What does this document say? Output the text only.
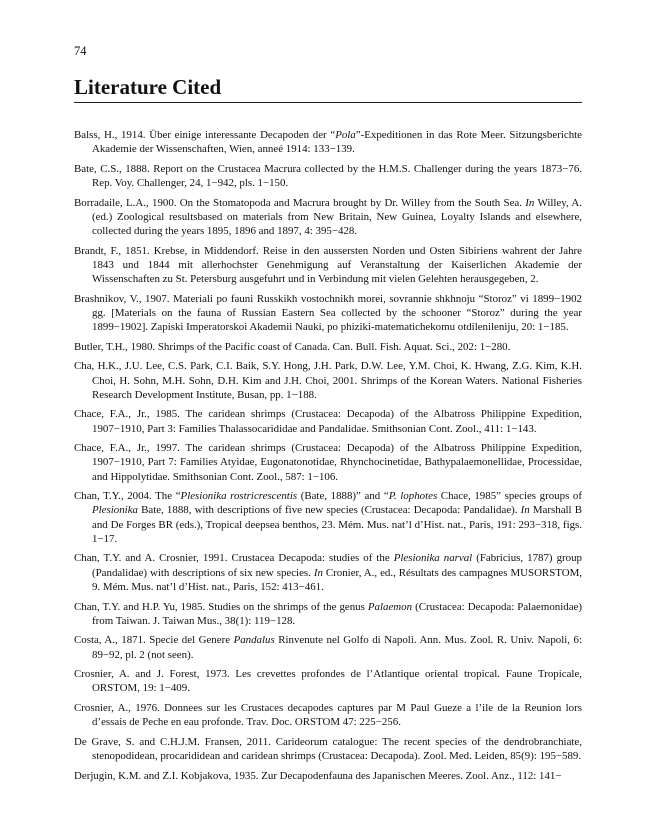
74
Literature Cited
Balss, H., 1914. Über einige interessante Decapoden der “Pola”-Expeditionen in das Rote Meer. Sitzungsberichte Akademie der Wissenschaften, Wien, anneé 1914: 133−139.
Bate, C.S., 1888. Report on the Crustacea Macrura collected by the H.M.S. Challenger during the years 1873−76. Rep. Voy. Challenger, 24, 1−942, pls. 1−150.
Borradaile, L.A., 1900. On the Stomatopoda and Macrura brought by Dr. Willey from the South Sea. In Willey, A. (ed.) Zoological resultsbased on materials from New Britain, New Guinea, Loyalty Islands and elsewhere, collected during the years 1895, 1896 and 1897, 4: 395−428.
Brandt, F., 1851. Krebse, in Middendorf. Reise in den aussersten Norden und Osten Sibiriens wahrent der Jahre 1843 und 1844 mit allerhochster Genehmigung auf Veranstaltung der Kaiserlichen Akademie der Wissenschaften zu St. Petersburg ausgefuhrt und in Verbindung mit vielen Gelehten herausgegeben, 2.
Brashnikov, V., 1907. Materiali po fauni Russkikh vostochnikh morei, sovrannie shkhnoju “Storoz” vi 1899−1902 gg. [Materials on the fauna of Russian Eastern Sea collected by the schooner “Storoz” during the year 1899−1902]. Zapiski Imperatorskoi Akademii Nauki, po phiziki-matematichekomu otdilenileniju, 20: 1−185.
Butler, T.H., 1980. Shrimps of the Pacific coast of Canada. Can. Bull. Fish. Aquat. Sci., 202: 1−280.
Cha, H.K., J.U. Lee, C.S. Park, C.I. Baik, S.Y. Hong, J.H. Park, D.W. Lee, Y.M. Choi, K. Hwang, Z.G. Kim, K.H. Choi, H. Sohn, M.H. Sohn, D.H. Kim and J.H. Choi, 2001. Shrimps of the Korean Waters. National Fisheries Research Development Institute, Busan, pp. 1−188.
Chace, F.A., Jr., 1985. The caridean shrimps (Crustacea: Decapoda) of the Albatross Philippine Expedition, 1907−1910, Part 3: Families Thalassocarididae and Pandalidae. Smithsonian Cont. Zool., 411: 1−143.
Chace, F.A., Jr., 1997. The caridean shrimps (Crustacea: Decapoda) of the Albatross Philippine Expedition, 1907−1910, Part 7: Families Atyidae, Eugonatonotidae, Rhynchocinetidae, Bathypalaemonellidae, Processidae, and Hippolytidae. Smithsonian Cont. Zool., 587: 1−106.
Chan, T.Y., 2004. The “Plesionika rostricrescentis (Bate, 1888)” and “P. lophotes Chace, 1985” species groups of Plesionika Bate, 1888, with descriptions of five new species (Crustacea: Decapoda: Pandalidae). In Marshall B and De Forges BR (eds.), Tropical deepsea benthos, 23. Mém. Mus. nat’l d’Hist. nat., Paris, 191: 293−318, figs. 1−17.
Chan, T.Y. and A. Crosnier, 1991. Crustacea Decapoda: studies of the Plesionika narval (Fabricius, 1787) group (Pandalidae) with descriptions of six new species. In Cronier, A., ed., Résultats des campagnes MUSORSTOM, 9. Mém. Mus. nat’l d’Hist. nat., Paris, 152: 413−461.
Chan, T.Y. and H.P. Yu, 1985. Studies on the shrimps of the genus Palaemon (Crustacea: Decapoda: Palaemonidae) from Taiwan. J. Taiwan Mus., 38(1): 119−128.
Costa, A., 1871. Specie del Genere Pandalus Rinvenute nel Golfo di Napoli. Ann. Mus. Zool. R. Univ. Napoli, 6: 89−92, pl. 2 (not seen).
Crosnier, A. and J. Forest, 1973. Les crevettes profondes de l’Atlantique oriental tropical. Faune Tropicale, ORSTOM, 19: 1−409.
Crosnier, A., 1976. Donnees sur les Crustaces decapodes captures par M Paul Gueze a l’ile de la Reunion lors d’essais de Peche en eau profonde. Trav. Doc. ORSTOM 47: 225−256.
De Grave, S. and C.H.J.M. Fransen, 2011. Carideorum catalogue: The recent species of the dendrobranchiate, stenopodidean, procarididean and caridean shrimps (Crustacea: Decapoda). Zool. Med. Leiden, 85(9): 195−589.
Derjugin, K.M. and Z.I. Kobjakova, 1935. Zur Decapodenfauna des Japanischen Meeres. Zool. Anz., 112: 141−
